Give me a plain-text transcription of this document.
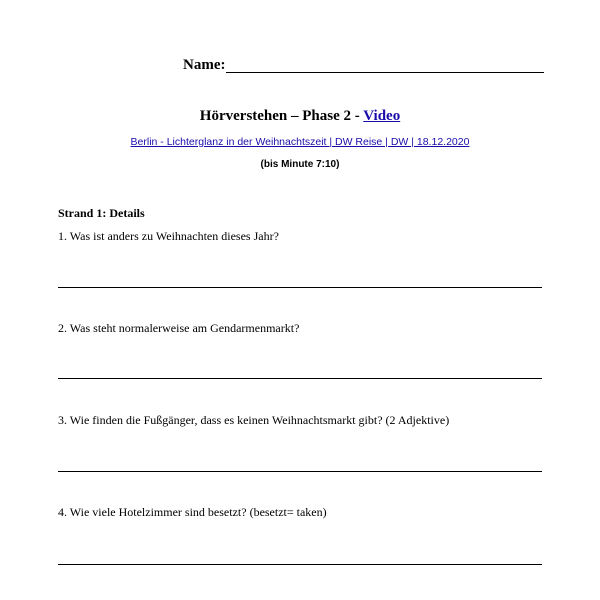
Name:
Hörverstehen – Phase 2 - Video
Berlin - Lichterglanz in der Weihnachtszeit | DW Reise | DW | 18.12.2020
(bis Minute 7:10)
Strand 1: Details
1. Was ist anders zu Weihnachten dieses Jahr?
2. Was steht normalerweise am Gendarmenmarkt?
3. Wie finden die Fußgänger, dass es keinen Weihnachtsmarkt gibt? (2 Adjektive)
4. Wie viele Hotelzimmer sind besetzt? (besetzt= taken)
